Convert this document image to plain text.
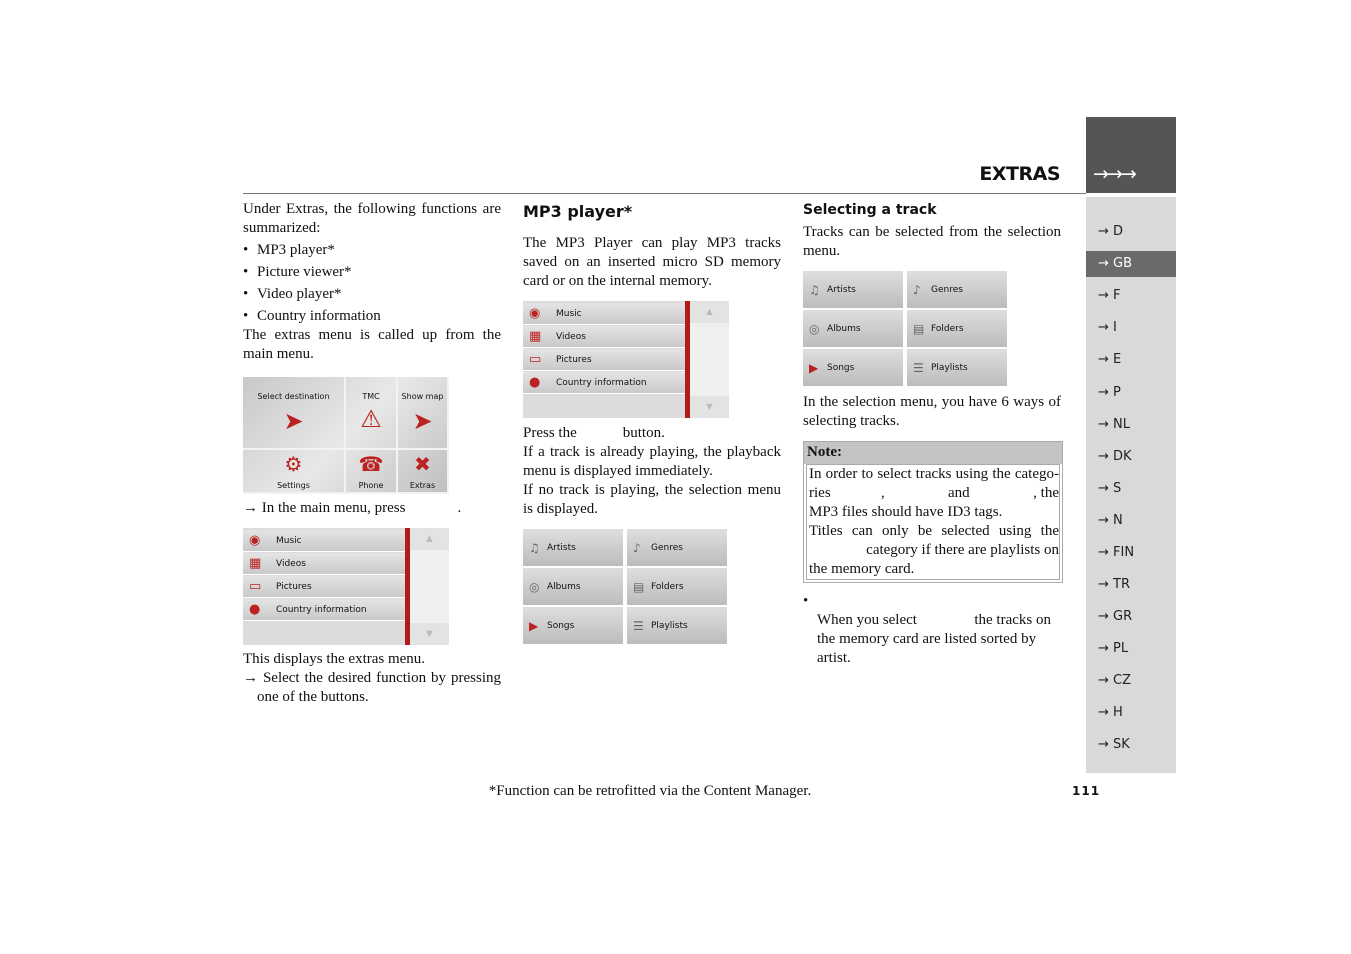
EXTRAS →→→
→ D
→ GB
→ F
→ I
→ E
→ P
→ NL
→ DK
→ S
→ N
→ FIN
→ TR
→ GR
→ PL
→ CZ
→ H
→ SK
Under Extras, the following functions are
summarized:
• MP3 player*
• Picture viewer*
• Video player*
• Country information
The extras menu is called up from the
main menu.
Select destination
➤
TMC
⚠
Show map
➤
⚙
Settings
☎
Phone
✖
Extras
→ In the main menu, press	.
◉ Music
▦ Videos
▭ Pictures
● Country information
▲
▼
This displays the extras menu.
→ Select the desired function by pressing
one of the buttons.
MP3 player*
The MP3 Player can play MP3 tracks
saved on an inserted micro SD memory
card or on the internal memory.
◉ Music
▦ Videos
▭ Pictures
● Country information
▲
▼
Press the	button.
If a track is already playing, the playback
menu is displayed immediately.
If no track is playing, the selection menu
is displayed.
♫ Artists	♪ Genres
◎ Albums	▤ Folders
▶ Songs	☰ Playlists
Selecting a track
Tracks can be selected from the selection
menu.
♫ Artists	♪ Genres
◎ Albums	▤ Folders
▶ Songs	☰ Playlists
In the selection menu, you have 6 ways of
selecting tracks.
Note:
In order to select tracks using the catego-
ries	,	and	, the
MP3 files should have ID3 tags.
Titles can only be selected using the
category if there are playlists on
the memory card.
•
When you select	the tracks on
the memory card are listed sorted by
artist.
*Function can be retrofitted via the Content Manager.	111
